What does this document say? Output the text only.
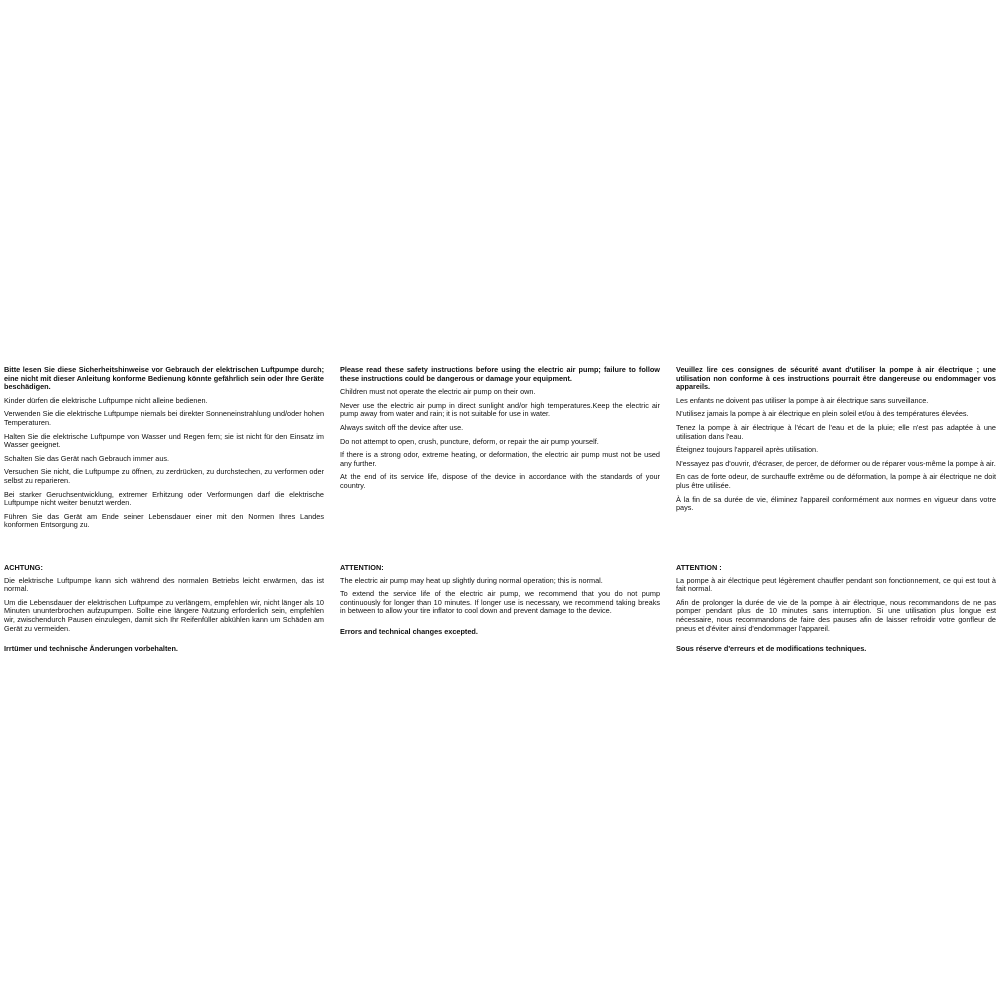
Bitte lesen Sie diese Sicherheitshinweise vor Gebrauch der elektrischen Luftpumpe durch; eine nicht mit dieser Anleitung konforme Bedienung könnte gefährlich sein oder Ihre Geräte beschädigen.

Kinder dürfen die elektrische Luftpumpe nicht alleine bedienen.

Verwenden Sie die elektrische Luftpumpe niemals bei direkter Sonneneinstrahlung und/oder hohen Temperaturen.

Halten Sie die elektrische Luftpumpe von Wasser und Regen fern; sie ist nicht für den Einsatz im Wasser geeignet.

Schalten Sie das Gerät nach Gebrauch immer aus.

Versuchen Sie nicht, die Luftpumpe zu öffnen, zu zerdrücken, zu durchstechen, zu verformen oder selbst zu reparieren.

Bei starker Geruchsentwicklung, extremer Erhitzung oder Verformungen darf die elektrische Luftpumpe nicht weiter benutzt werden.

Führen Sie das Gerät am Ende seiner Lebensdauer einer mit den Normen Ihres Landes konformen Entsorgung zu.

ACHTUNG:

Die elektrische Luftpumpe kann sich während des normalen Betriebs leicht erwärmen, das ist normal.

Um die Lebensdauer der elektrischen Luftpumpe zu verlängern, empfehlen wir, nicht länger als 10 Minuten ununterbrochen aufzupumpen. Sollte eine längere Nutzung erforderlich sein, empfehlen wir, zwischendurch Pausen einzulegen, damit sich Ihr Reifenfüller abkühlen kann um Schäden am Gerät zu vermeiden.

Irrtümer und technische Änderungen vorbehalten.

Please read these safety instructions before using the electric air pump; failure to follow these instructions could be dangerous or damage your equipment.

Children must not operate the electric air pump on their own.

Never use the electric air pump in direct sunlight and/or high temperatures.Keep the electric air pump away from water and rain; it is not suitable for use in water.

Always switch off the device after use.

Do not attempt to open, crush, puncture, deform, or repair the air pump yourself.

If there is a strong odor, extreme heating, or deformation, the electric air pump must not be used any further.

At the end of its service life, dispose of the device in accordance with the standards of your country.

ATTENTION:

The electric air pump may heat up slightly during normal operation; this is normal.

To extend the service life of the electric air pump, we recommend that you do not pump continuously for longer than 10 minutes. If longer use is necessary, we recommend taking breaks in between to allow your tire inflator to cool down and prevent damage to the device.

Errors and technical changes excepted.

Veuillez lire ces consignes de sécurité avant d'utiliser la pompe à air électrique ; une utilisation non conforme à ces instructions pourrait être dangereuse ou endommager vos appareils.

Les enfants ne doivent pas utiliser la pompe à air électrique sans surveillance.

N'utilisez jamais la pompe à air électrique en plein soleil et/ou à des températures élevées.

Tenez la pompe à air électrique à l'écart de l'eau et de la pluie; elle n'est pas adaptée à une utilisation dans l'eau.

Éteignez toujours l'appareil après utilisation.

N'essayez pas d'ouvrir, d'écraser, de percer, de déformer ou de réparer vous-même la pompe à air.

En cas de forte odeur, de surchauffe extrême ou de déformation, la pompe à air électrique ne doit plus être utilisée.

À la fin de sa durée de vie, éliminez l'appareil conformément aux normes en vigueur dans votre pays.

ATTENTION :

La pompe à air électrique peut légèrement chauffer pendant son fonctionnement, ce qui est tout à fait normal.

Afin de prolonger la durée de vie de la pompe à air électrique, nous recommandons de ne pas pomper pendant plus de 10 minutes sans interruption. Si une utilisation plus longue est nécessaire, nous recommandons de faire des pauses afin de laisser refroidir votre gonfleur de pneus et d'éviter ainsi d'endommager l'appareil.

Sous réserve d'erreurs et de modifications techniques.
